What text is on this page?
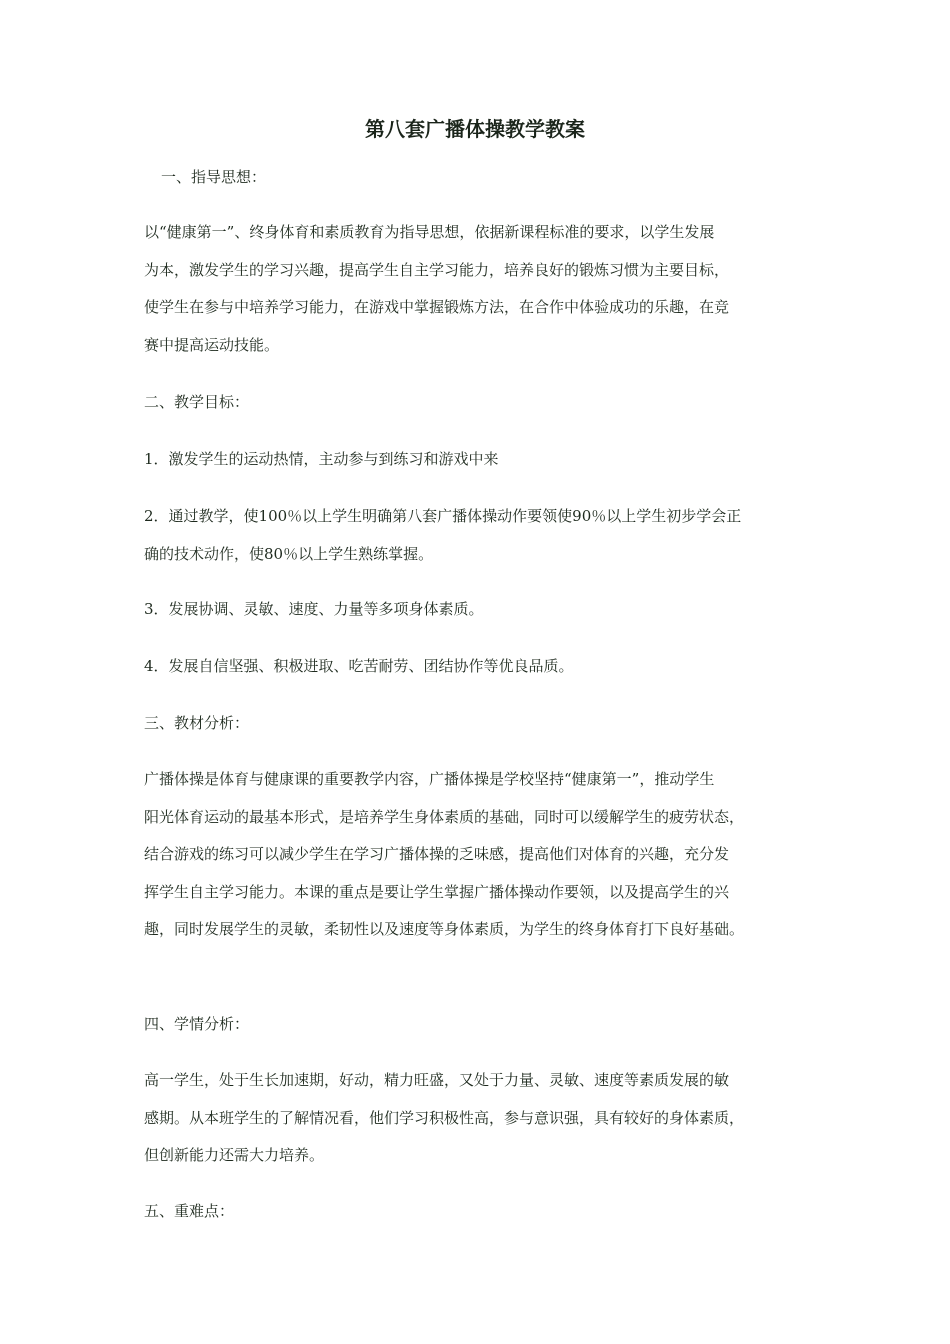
第八套广播体操教学教案

一、指导思想：

以“健康第一”、终身体育和素质教育为指导思想，依据新课程标准的要求，以学生发展
为本，激发学生的学习兴趣，提高学生自主学习能力，培养良好的锻炼习惯为主要目标，
使学生在参与中培养学习能力，在游戏中掌握锻炼方法，在合作中体验成功的乐趣，在竞
赛中提高运动技能。

二、教学目标：

1．激发学生的运动热情，主动参与到练习和游戏中来

2．通过教学，使100％以上学生明确第八套广播体操动作要领使90％以上学生初步学会正
确的技术动作，使80％以上学生熟练掌握。

3．发展协调、灵敏、速度、力量等多项身体素质。

4．发展自信坚强、积极进取、吃苦耐劳、团结协作等优良品质。

三、教材分析：

广播体操是体育与健康课的重要教学内容，广播体操是学校坚持“健康第一”，推动学生
阳光体育运动的最基本形式，是培养学生身体素质的基础，同时可以缓解学生的疲劳状态，
结合游戏的练习可以减少学生在学习广播体操的乏味感，提高他们对体育的兴趣，充分发
挥学生自主学习能力。本课的重点是要让学生掌握广播体操动作要领，以及提高学生的兴
趣，同时发展学生的灵敏，柔韧性以及速度等身体素质，为学生的终身体育打下良好基础。

四、学情分析：

高一学生，处于生长加速期，好动，精力旺盛，又处于力量、灵敏、速度等素质发展的敏
感期。从本班学生的了解情况看，他们学习积极性高，参与意识强，具有较好的身体素质，
但创新能力还需大力培养。

五、重难点：
